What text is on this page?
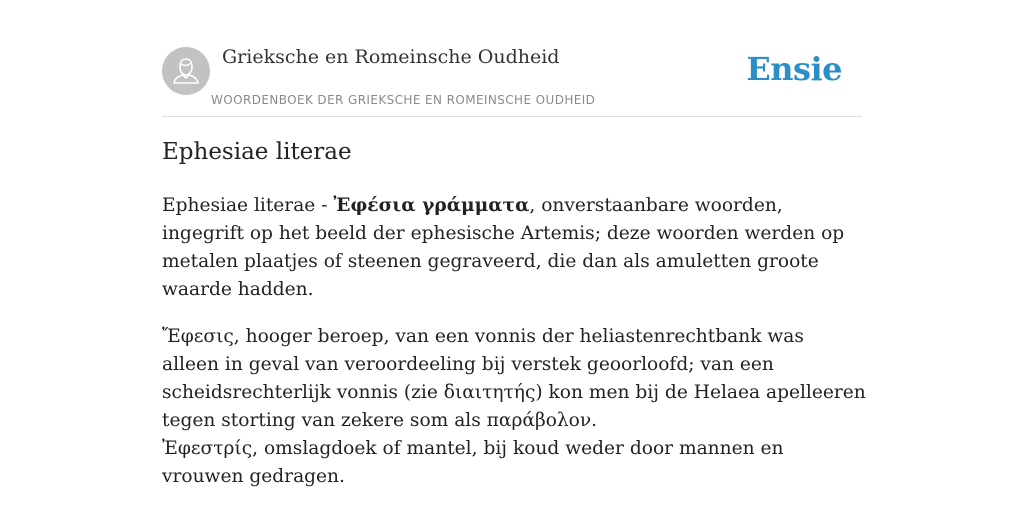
Grieksche en Romeinsche Oudheid
WOORDENBOEK DER GRIEKSCHE EN ROMEINSCHE OUDHEID
Ensie
Ephesiae literae

Ephesiae literae - Ἐφέσια γράμματα, onverstaanbare woorden, ingegrift op het beeld der ephesische Artemis; deze woorden werden op metalen plaatjes of steenen gegraveerd, die dan als amuletten groote waarde hadden.

Ἔφεσις, hooger beroep, van een vonnis der heliastenrechtbank was alleen in geval van veroordeeling bij verstek geoorloofd; van een scheidsrechterlijk vonnis (zie διαιτητής) kon men bij de Helaea apelleeren tegen storting van zekere som als παράβολον.
Ἐφεστρίς, omslagdoek of mantel, bij koud weder door mannen en vrouwen gedragen.
